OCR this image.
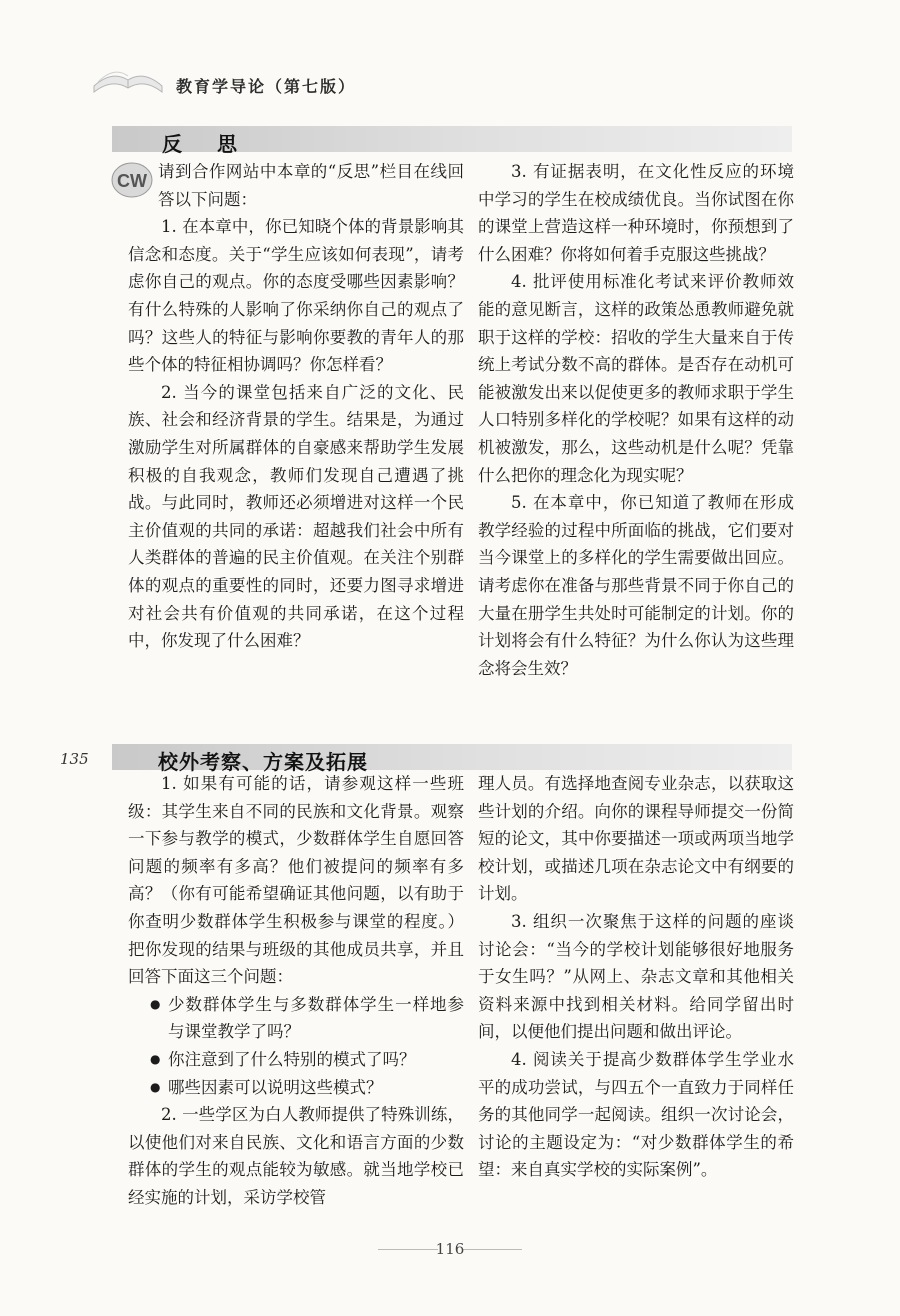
教育学导论（第七版）
反 思
CW 请到合作网站中本章的“反思”栏目在线回答以下问题：

1. 在本章中，你已知晓个体的背景影响其信念和态度。关于“学生应该如何表现”，请考虑你自己的观点。你的态度受哪些因素影响？有什么特殊的人影响了你采纳你自己的观点了吗？这些人的特征与影响你要教的青年人的那些个体的特征相协调吗？你怎样看？

2. 当今的课堂包括来自广泛的文化、民族、社会和经济背景的学生。结果是，为通过激励学生对所属群体的自豪感来帮助学生发展积极的自我观念，教师们发现自己遭遇了挑战。与此同时，教师还必须增进对这样一个民主价值观的共同的承诺：超越我们社会中所有人类群体的普遍的民主价值观。在关注个别群体的观点的重要性的同时，还要力图寻求增进对社会共有价值观的共同承诺，在这个过程中，你发现了什么困难？

3. 有证据表明，在文化性反应的环境中学习的学生在校成绩优良。当你试图在你的课堂上营造这样一种环境时，你预想到了什么困难？你将如何着手克服这些挑战？

4. 批评使用标准化考试来评价教师效能的意见断言，这样的政策怂恿教师避免就职于这样的学校：招收的学生大量来自于传统上考试分数不高的群体。是否存在动机可能被激发出来以促使更多的教师求职于学生人口特别多样化的学校呢？如果有这样的动机被激发，那么，这些动机是什么呢？凭靠什么把你的理念化为现实呢？

5. 在本章中，你已知道了教师在形成教学经验的过程中所面临的挑战，它们要对当今课堂上的多样化的学生需要做出回应。请考虑你在准备与那些背景不同于你自己的大量在册学生共处时可能制定的计划。你的计划将会有什么特征？为什么你认为这些理念将会生效？

135	校外考察、方案及拓展

1. 如果有可能的话，请参观这样一些班级：其学生来自不同的民族和文化背景。观察一下参与教学的模式，少数群体学生自愿回答问题的频率有多高？他们被提问的频率有多高？（你有可能希望确证其他问题，以有助于你查明少数群体学生积极参与课堂的程度。）把你发现的结果与班级的其他成员共享，并且回答下面这三个问题：

● 少数群体学生与多数群体学生一样地参与课堂教学了吗？
● 你注意到了什么特别的模式了吗？
● 哪些因素可以说明这些模式？

2. 一些学区为白人教师提供了特殊训练，以使他们对来自民族、文化和语言方面的少数群体的学生的观点能较为敏感。就当地学校已经实施的计划，采访学校管

理人员。有选择地查阅专业杂志，以获取这些计划的介绍。向你的课程导师提交一份简短的论文，其中你要描述一项或两项当地学校计划，或描述几项在杂志论文中有纲要的计划。

3. 组织一次聚焦于这样的问题的座谈讨论会：“当今的学校计划能够很好地服务于女生吗？”从网上、杂志文章和其他相关资料来源中找到相关材料。给同学留出时间，以便他们提出问题和做出评论。

4. 阅读关于提高少数群体学生学业水平的成功尝试，与四五个一直致力于同样任务的其他同学一起阅读。组织一次讨论会，讨论的主题设定为：“对少数群体学生的希望：来自真实学校的实际案例”。

116
